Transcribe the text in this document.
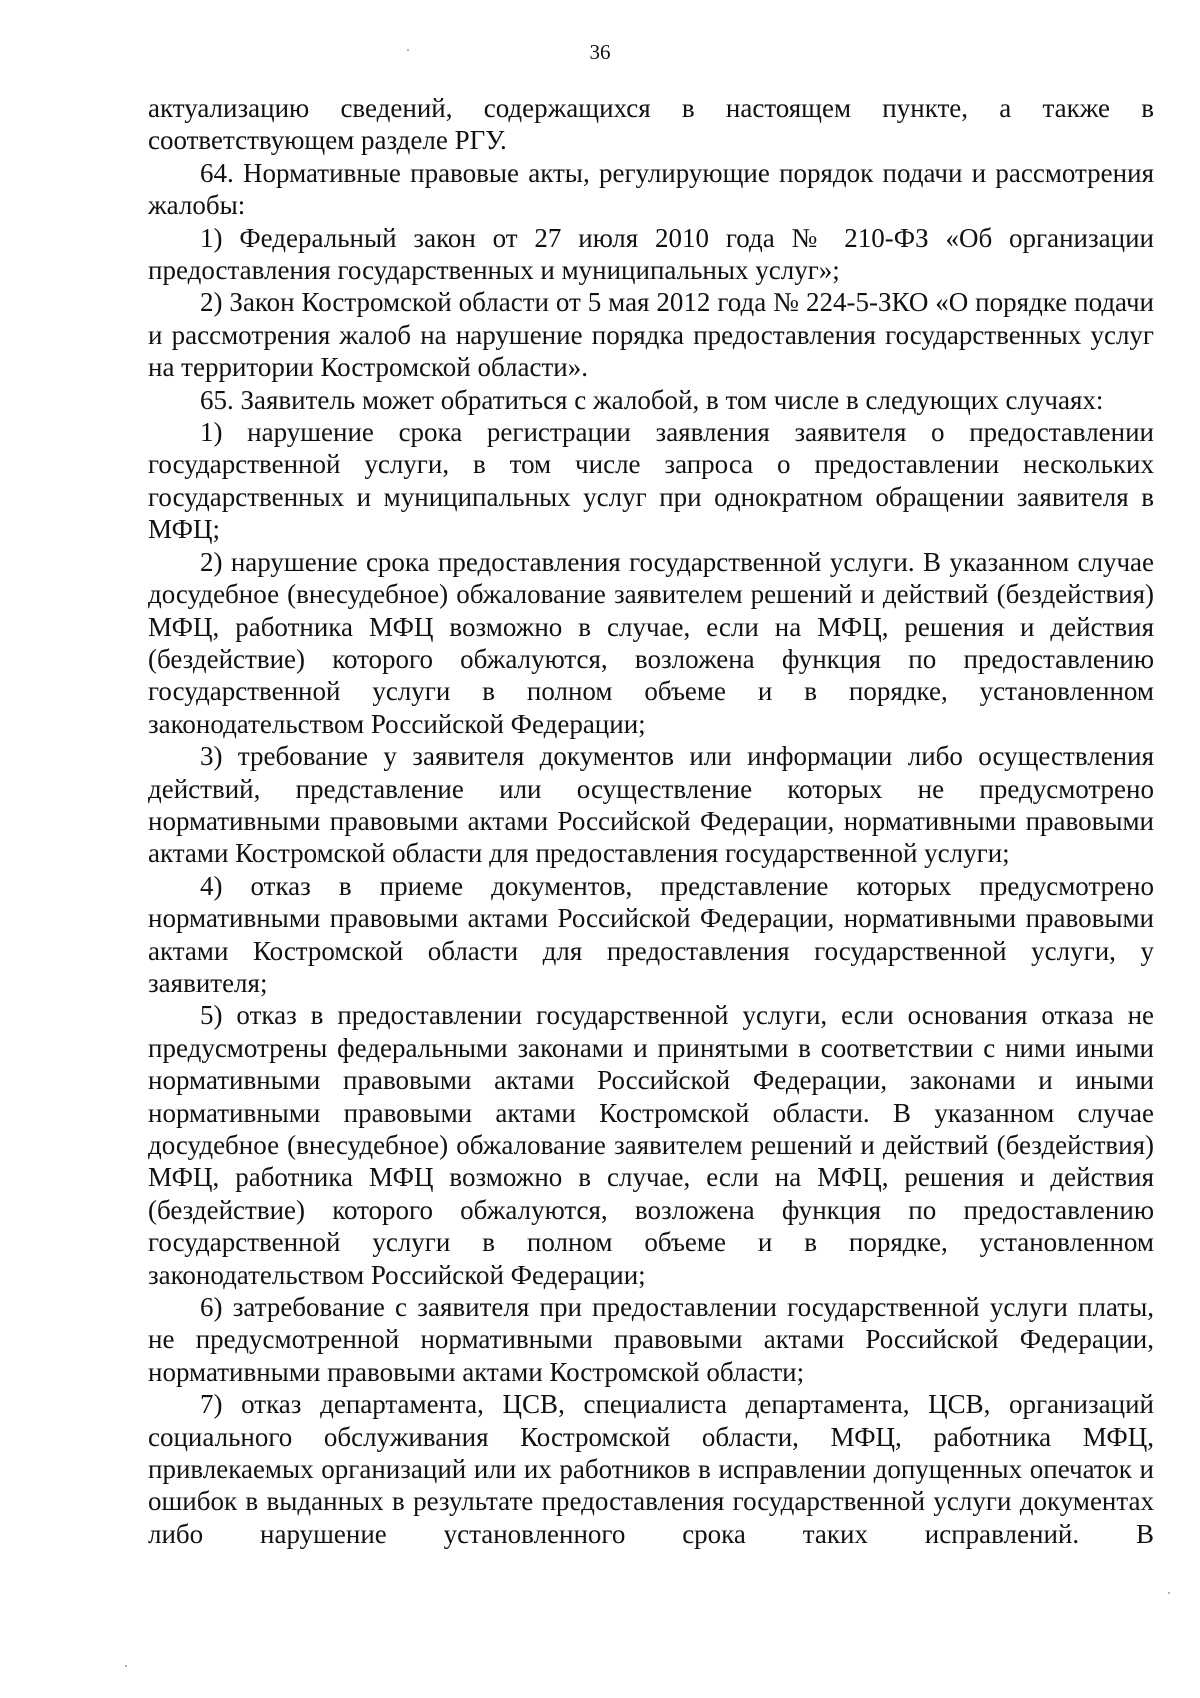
36

актуализацию сведений, содержащихся в настоящем пункте, а также в соответствующем разделе РГУ.

64. Нормативные правовые акты, регулирующие порядок подачи и рассмотрения жалобы:

1) Федеральный закон от 27 июля 2010 года № 210-ФЗ «Об организации предоставления государственных и муниципальных услуг»;

2) Закон Костромской области от 5 мая 2012 года № 224-5-ЗКО «О порядке подачи и рассмотрения жалоб на нарушение порядка предоставления государственных услуг на территории Костромской области».

65. Заявитель может обратиться с жалобой, в том числе в следующих случаях:

1) нарушение срока регистрации заявления заявителя о предоставлении государственной услуги, в том числе запроса о предоставлении нескольких государственных и муниципальных услуг при однократном обращении заявителя в МФЦ;

2) нарушение срока предоставления государственной услуги. В указанном случае досудебное (внесудебное) обжалование заявителем решений и действий (бездействия) МФЦ, работника МФЦ возможно в случае, если на МФЦ, решения и действия (бездействие) которого обжалуются, возложена функция по предоставлению государственной услуги в полном объеме и в порядке, установленном законодательством Российской Федерации;

3) требование у заявителя документов или информации либо осуществления действий, представление или осуществление которых не предусмотрено нормативными правовыми актами Российской Федерации, нормативными правовыми актами Костромской области для предоставления государственной услуги;

4) отказ в приеме документов, представление которых предусмотрено нормативными правовыми актами Российской Федерации, нормативными правовыми актами Костромской области для предоставления государственной услуги, у заявителя;

5) отказ в предоставлении государственной услуги, если основания отказа не предусмотрены федеральными законами и принятыми в соответствии с ними иными нормативными правовыми актами Российской Федерации, законами и иными нормативными правовыми актами Костромской области. В указанном случае досудебное (внесудебное) обжалование заявителем решений и действий (бездействия) МФЦ, работника МФЦ возможно в случае, если на МФЦ, решения и действия (бездействие) которого обжалуются, возложена функция по предоставлению государственной услуги в полном объеме и в порядке, установленном законодательством Российской Федерации;

6) затребование с заявителя при предоставлении государственной услуги платы, не предусмотренной нормативными правовыми актами Российской Федерации, нормативными правовыми актами Костромской области;

7) отказ департамента, ЦСВ, специалиста департамента, ЦСВ, организаций социального обслуживания Костромской области, МФЦ, работника МФЦ, привлекаемых организаций или их работников в исправлении допущенных опечаток и ошибок в выданных в результате предоставления государственной услуги документах либо нарушение установленного срока таких исправлений. В
